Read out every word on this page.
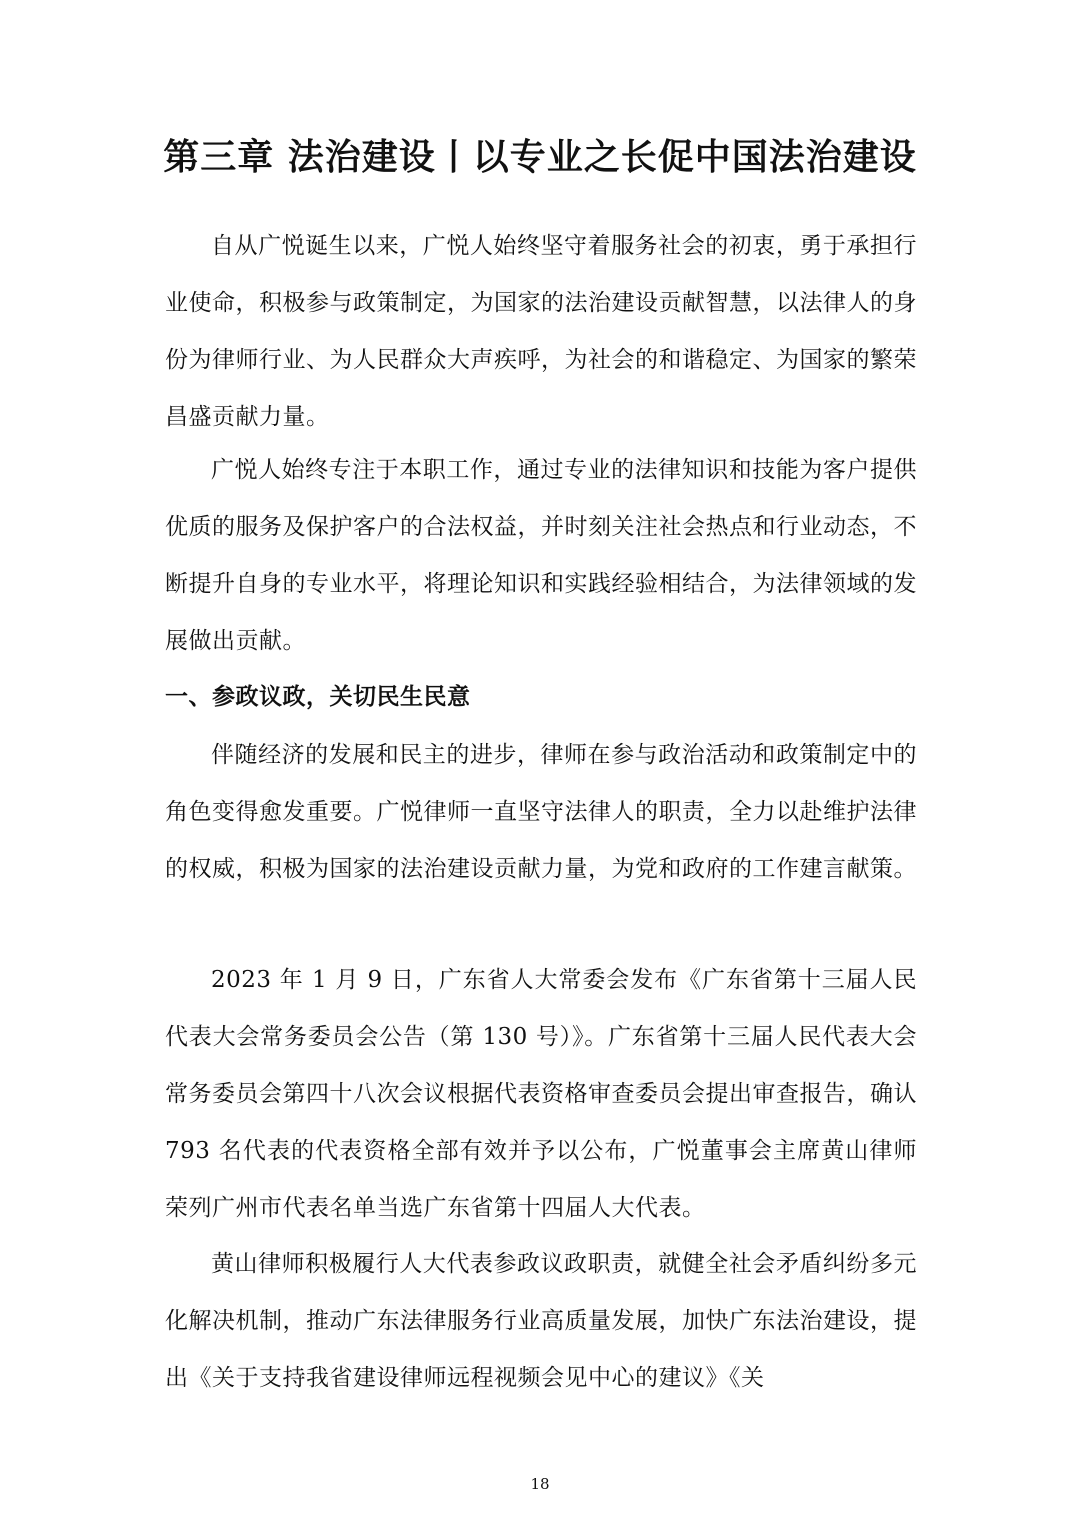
第三章 法治建设丨以专业之长促中国法治建设

自从广悦诞生以来，广悦人始终坚守着服务社会的初衷，勇于承担行业使命，积极参与政策制定，为国家的法治建设贡献智慧，以法律人的身份为律师行业、为人民群众大声疾呼，为社会的和谐稳定、为国家的繁荣昌盛贡献力量。

广悦人始终专注于本职工作，通过专业的法律知识和技能为客户提供优质的服务及保护客户的合法权益，并时刻关注社会热点和行业动态，不断提升自身的专业水平，将理论知识和实践经验相结合，为法律领域的发展做出贡献。

一、参政议政，关切民生民意

伴随经济的发展和民主的进步，律师在参与政治活动和政策制定中的角色变得愈发重要。广悦律师一直坚守法律人的职责，全力以赴维护法律的权威，积极为国家的法治建设贡献力量，为党和政府的工作建言献策。

2023 年 1 月 9 日，广东省人大常委会发布《广东省第十三届人民代表大会常务委员会公告（第 130 号）》。广东省第十三届人民代表大会常务委员会第四十八次会议根据代表资格审查委员会提出审查报告，确认 793 名代表的代表资格全部有效并予以公布，广悦董事会主席黄山律师荣列广州市代表名单当选广东省第十四届人大代表。

黄山律师积极履行人大代表参政议政职责，就健全社会矛盾纠纷多元化解决机制，推动广东法律服务行业高质量发展，加快广东法治建设，提出《关于支持我省建设律师远程视频会见中心的建议》《关

18
